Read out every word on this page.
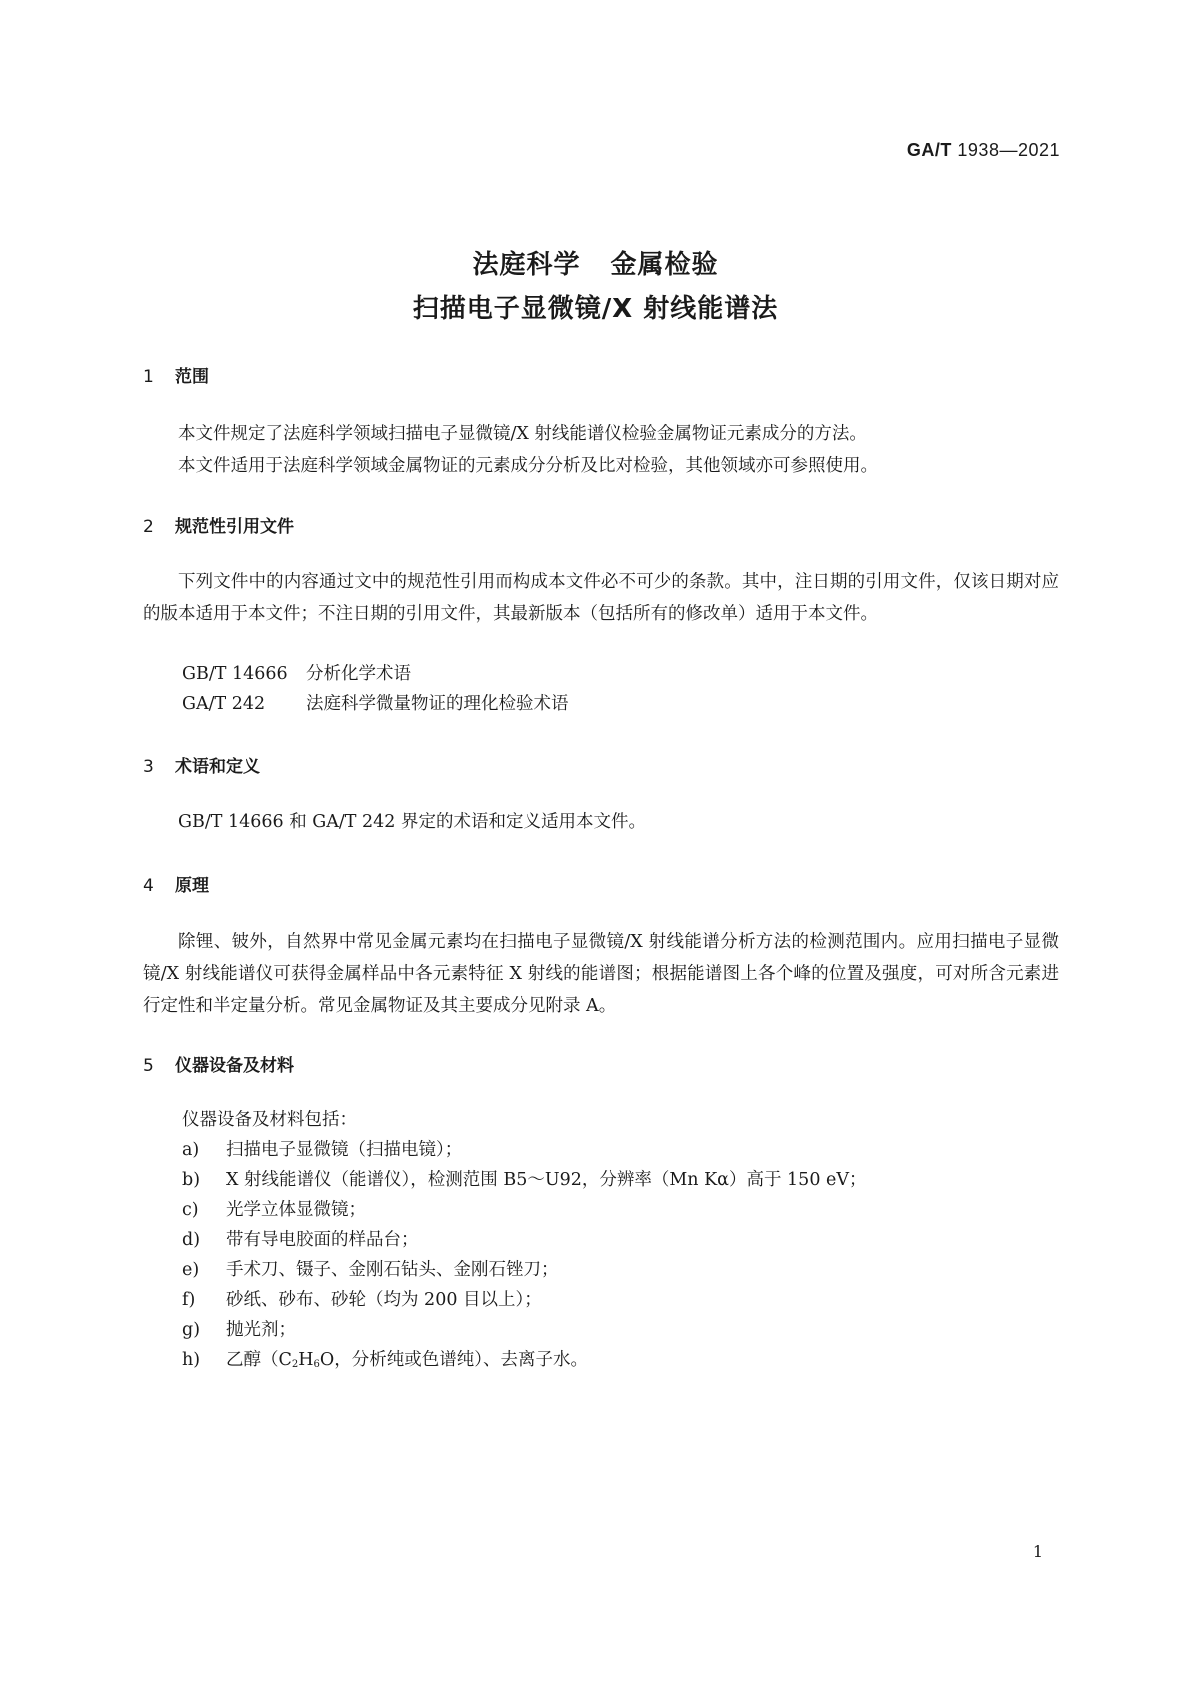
GA/T 1938—2021
法庭科学 金属检验
扫描电子显微镜/X 射线能谱法
1 范围
本文件规定了法庭科学领域扫描电子显微镜/X 射线能谱仪检验金属物证元素成分的方法。
本文件适用于法庭科学领域金属物证的元素成分分析及比对检验，其他领域亦可参照使用。
2 规范性引用文件
下列文件中的内容通过文中的规范性引用而构成本文件必不可少的条款。其中，注日期的引用文件，仅该日期对应的版本适用于本文件；不注日期的引用文件，其最新版本（包括所有的修改单）适用于本文件。
GB/T 14666 分析化学术语
GA/T 242 法庭科学微量物证的理化检验术语
3 术语和定义
GB/T 14666 和 GA/T 242 界定的术语和定义适用本文件。
4 原理
除锂、铍外，自然界中常见金属元素均在扫描电子显微镜/X 射线能谱分析方法的检测范围内。应用扫描电子显微镜/X 射线能谱仪可获得金属样品中各元素特征 X 射线的能谱图；根据能谱图上各个峰的位置及强度，可对所含元素进行定性和半定量分析。常见金属物证及其主要成分见附录 A。
5 仪器设备及材料
仪器设备及材料包括：
a) 扫描电子显微镜（扫描电镜）；
b) X 射线能谱仪（能谱仪），检测范围 B5～U92，分辨率（Mn Kα）高于 150 eV；
c) 光学立体显微镜；
d) 带有导电胶面的样品台；
e) 手术刀、镊子、金刚石钻头、金刚石锉刀；
f) 砂纸、砂布、砂轮（均为 200 目以上）；
g) 抛光剂；
h) 乙醇（$C_2H_6O$，分析纯或色谱纯）、去离子水。
1
